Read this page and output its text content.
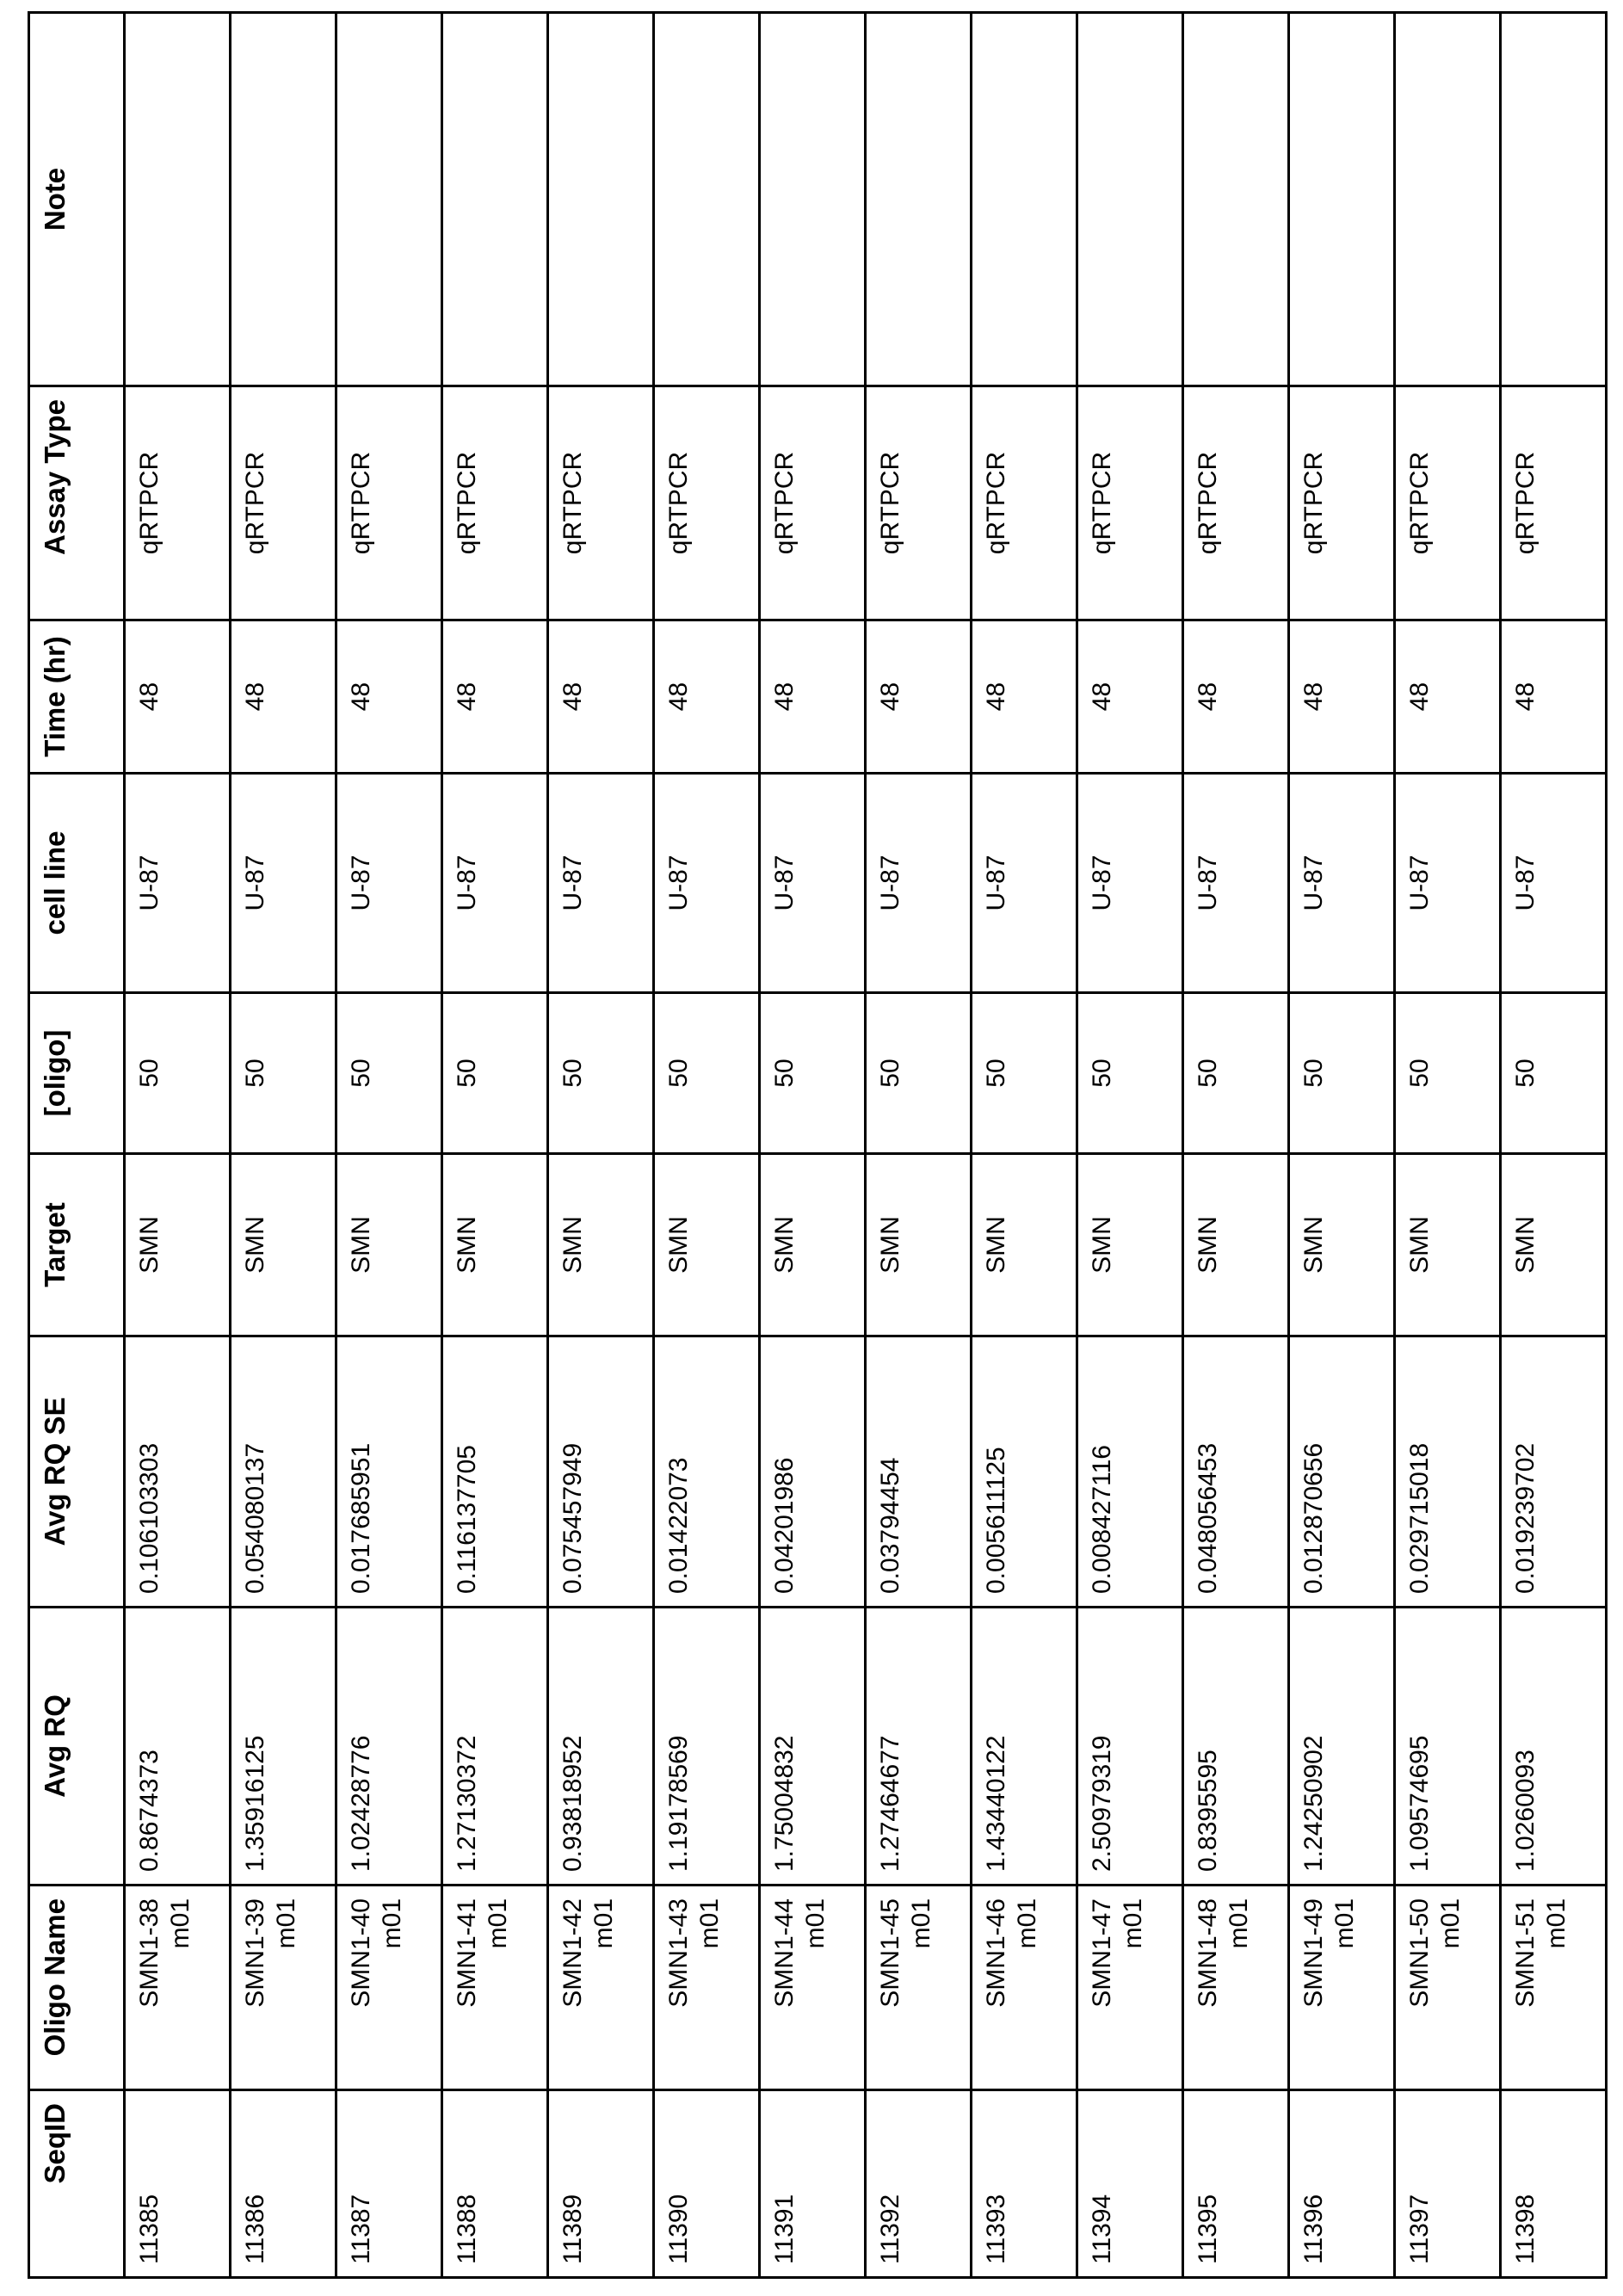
SeqID	Oligo Name	Avg RQ	Avg RQ SE	Target	[oligo]	cell line	Time (hr)	Assay Type	Note
11385	
SMN1-38 m01
	0.8674373	0.106103303	SMN	50	U-87	48	qRTPCR	
11386	
SMN1-39 m01
	1.35916125	0.054080137	SMN	50	U-87	48	qRTPCR	
11387	
SMN1-40 m01
	1.02428776	0.017685951	SMN	50	U-87	48	qRTPCR	
11388	
SMN1-41 m01
	1.27130372	0.116137705	SMN	50	U-87	48	qRTPCR	
11389	
SMN1-42 m01
	0.93818952	0.075457949	SMN	50	U-87	48	qRTPCR	
11390	
SMN1-43 m01
	1.19178569	0.01422073	SMN	50	U-87	48	qRTPCR	
11391	
SMN1-44 m01
	1.75004832	0.04201986	SMN	50	U-87	48	qRTPCR	
11392	
SMN1-45 m01
	1.27464677	0.03794454	SMN	50	U-87	48	qRTPCR	
11393	
SMN1-46 m01
	1.43440122	0.005611125	SMN	50	U-87	48	qRTPCR	
11394	
SMN1-47 m01
	2.50979319	0.008427116	SMN	50	U-87	48	qRTPCR	
11395	
SMN1-48 m01
	0.8395595	0.048056453	SMN	50	U-87	48	qRTPCR	
11396	
SMN1-49 m01
	1.24250902	0.012870656	SMN	50	U-87	48	qRTPCR	
11397	
SMN1-50 m01
	1.09574695	0.029715018	SMN	50	U-87	48	qRTPCR	
11398	
SMN1-51 m01
	1.0260093	0.019239702	SMN	50	U-87	48	qRTPCR	
